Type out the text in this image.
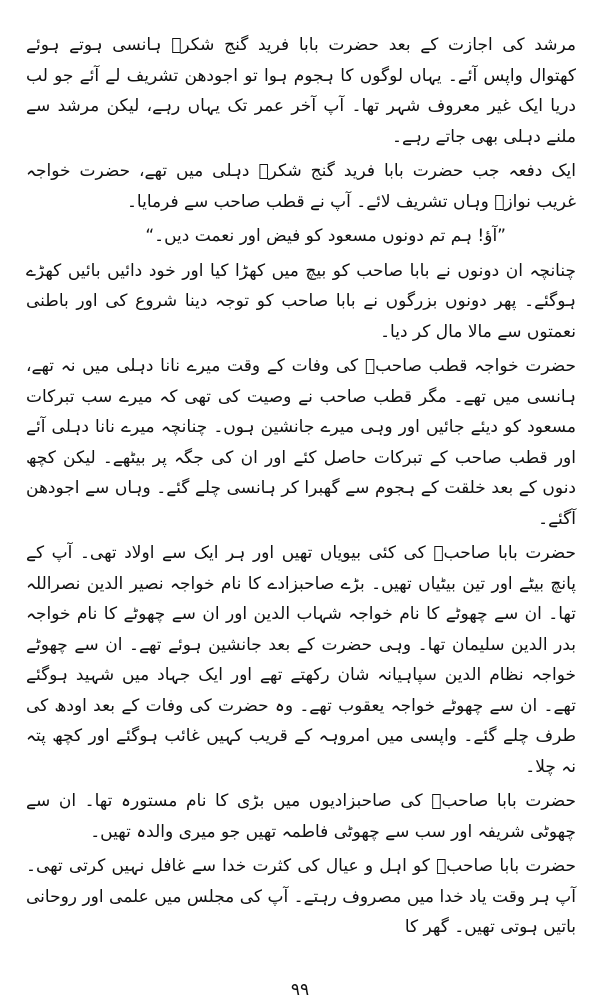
مرشد کی اجازت کے بعد حضرت بابا فرید گنج شکرؒ ہانسی ہوتے ہوئے کھتوال واپس آئے۔ یہاں لوگوں کا ہجوم ہوا تو اجودھن تشریف لے آئے جو لب دریا ایک غیر معروف شہر تھا۔ آپ آخر عمر تک یہاں رہے، لیکن مرشد سے ملنے دہلی بھی جاتے رہے۔

ایک دفعہ جب حضرت بابا فرید گنج شکرؒ دہلی میں تھے، حضرت خواجہ غریب نوازؒ وہاں تشریف لائے۔ آپ نے قطب صاحب سے فرمایا۔

”آؤ! ہم تم دونوں مسعود کو فیض اور نعمت دیں۔“

چنانچہ ان دونوں نے بابا صاحب کو بیچ میں کھڑا کیا اور خود دائیں بائیں کھڑے ہوگئے۔ پھر دونوں بزرگوں نے بابا صاحب کو توجہ دینا شروع کی اور باطنی نعمتوں سے مالا مال کر دیا۔

حضرت خواجہ قطب صاحبؒ کی وفات کے وقت میرے نانا دہلی میں نہ تھے، ہانسی میں تھے۔ مگر قطب صاحب نے وصیت کی تھی کہ میرے سب تبرکات مسعود کو دیئے جائیں اور وہی میرے جانشین ہوں۔ چنانچہ میرے نانا دہلی آئے اور قطب صاحب کے تبرکات حاصل کئے اور ان کی جگہ پر بیٹھے۔ لیکن کچھ دنوں کے بعد خلقت کے ہجوم سے گھبرا کر ہانسی چلے گئے۔ وہاں سے اجودھن آگئے۔

حضرت بابا صاحبؒ کی کئی بیویاں تھیں اور ہر ایک سے اولاد تھی۔ آپ کے پانچ بیٹے اور تین بیٹیاں تھیں۔ بڑے صاحبزادے کا نام خواجہ نصیر الدین نصراللہ تھا۔ ان سے چھوٹے کا نام خواجہ شہاب الدین اور ان سے چھوٹے کا نام خواجہ بدر الدین سلیمان تھا۔ وہی حضرت کے بعد جانشین ہوئے تھے۔ ان سے چھوٹے خواجہ نظام الدین سپاہیانہ شان رکھتے تھے اور ایک جہاد میں شہید ہوگئے تھے۔ ان سے چھوٹے خواجہ یعقوب تھے۔ وہ حضرت کی وفات کے بعد اودھ کی طرف چلے گئے۔ واپسی میں امروہہ کے قریب کہیں غائب ہوگئے اور کچھ پتہ نہ چلا۔

حضرت بابا صاحبؒ کی صاحبزادیوں میں بڑی کا نام مستورہ تھا۔ ان سے چھوٹی شریفہ اور سب سے چھوٹی فاطمہ تھیں جو میری والدہ تھیں۔

حضرت بابا صاحبؒ کو اہل و عیال کی کثرت خدا سے غافل نہیں کرتی تھی۔ آپ ہر وقت یاد خدا میں مصروف رہتے۔ آپ کی مجلس میں علمی اور روحانی باتیں ہوتی تھیں۔ گھر کا

۹۹
